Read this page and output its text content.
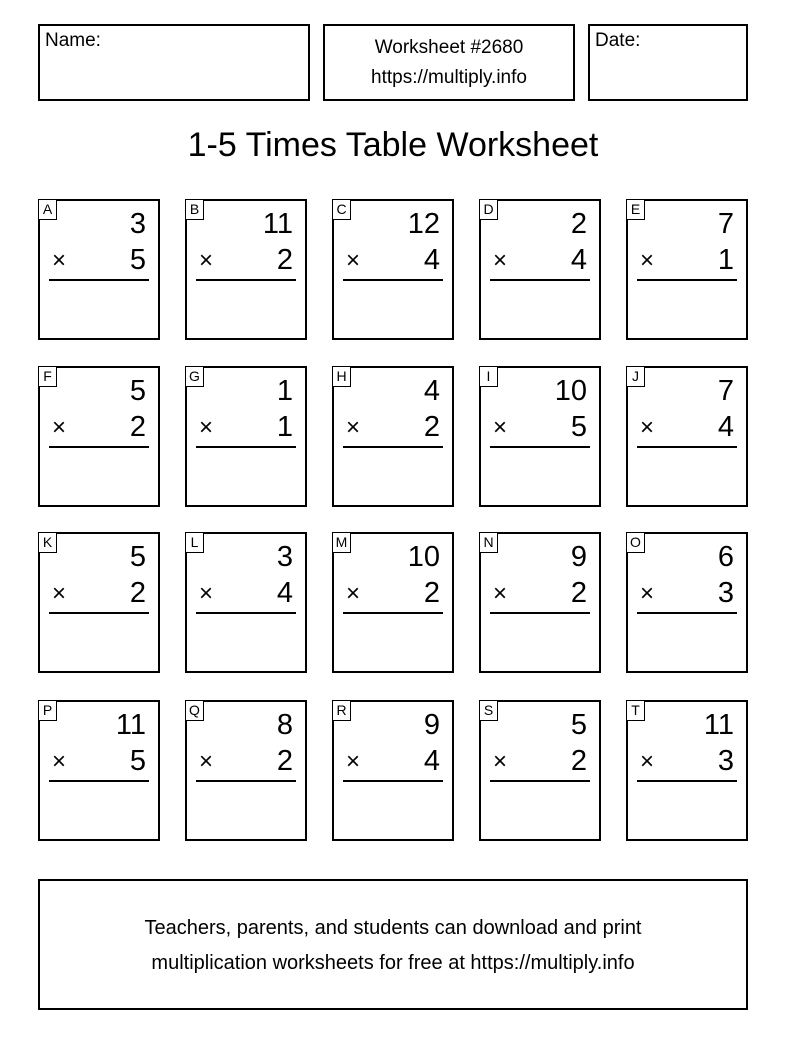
Name:	Worksheet #2680
https://multiply.info
Date:
1-5 Times Table Worksheet
A	3
× 5
B 11
× 2
C 12
× 4
D	2
× 4
E	7
× 1
F	5
× 2
G	1
× 1
H	4
× 2
I 10
× 5
J	7
× 4
K	5
× 2
L	3
× 4
M 10
× 2
N	9
× 2
O	6
× 3
P 11
× 5
Q	8
× 2
R	9
× 4
S	5
× 2
T 11
× 3
Teachers, parents, and students can download and print
multiplication worksheets for free at https://multiply.info
